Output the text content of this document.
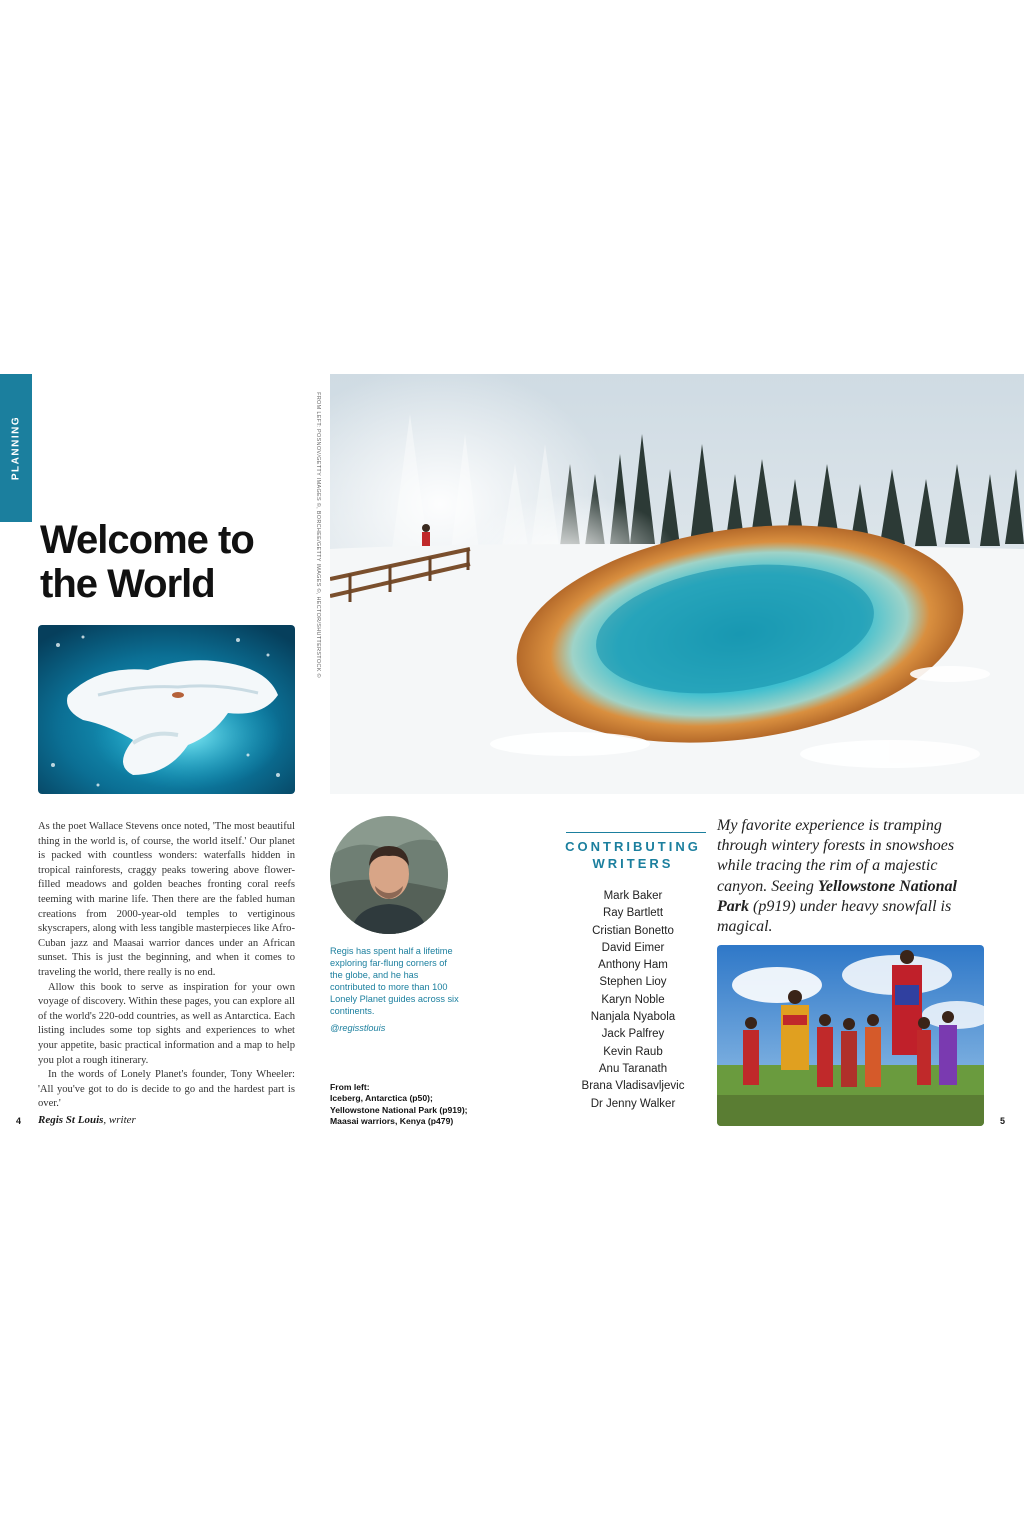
PLANNING
Welcome to the World

As the poet Wallace Stevens once noted, 'The most beautiful thing in the world is, of course, the world itself.' Our planet is packed with countless wonders: waterfalls hidden in tropical rainforests, craggy peaks towering above flower-filled meadows and golden beaches fronting coral reefs teeming with marine life. Then there are the fabled human creations from 2000-year-old temples to vertiginous skyscrapers, along with less tangible masterpieces like Afro-Cuban jazz and Maasai warrior dances under an African sunset. This is just the beginning, and when it comes to traveling the world, there really is no end.

Allow this book to serve as inspiration for your own voyage of discovery. Within these pages, you can explore all of the world's 220-odd countries, as well as Antarctica. Each listing includes some top sights and experiences to whet your appetite, basic practical information and a map to help you plot a rough itinerary.

In the words of Lonely Planet's founder, Tony Wheeler: 'All you've got to do is decide to go and the hardest part is over.'

4 Regis St Louis, writer	5
FROM LEFT: POSNOV/GETTY IMAGES ©, BORCHEE/GETTY IMAGES ©, HECTOR/SHUTTERSTOCK ©
Regis has spent half a lifetime exploring far-flung corners of the globe, and he has contributed to more than 100 Lonely Planet guides across six continents.
@regisstlouis
From left:
Iceberg, Antarctica (p50);
Yellowstone National Park (p919);
Maasai warriors, Kenya (p479)
CONTRIBUTING
WRITERS
Mark Baker
Ray Bartlett
Cristian Bonetto
David Eimer
Anthony Ham
Stephen Lioy
Karyn Noble
Nanjala Nyabola
Jack Palfrey
Kevin Raub
Anu Taranath
Brana Vladisavljevic
Dr Jenny Walker
My favorite experience is tramping through wintery forests in snowshoes while tracing the rim of a majestic canyon. Seeing Yellowstone National Park (p919) under heavy snowfall is magical.
